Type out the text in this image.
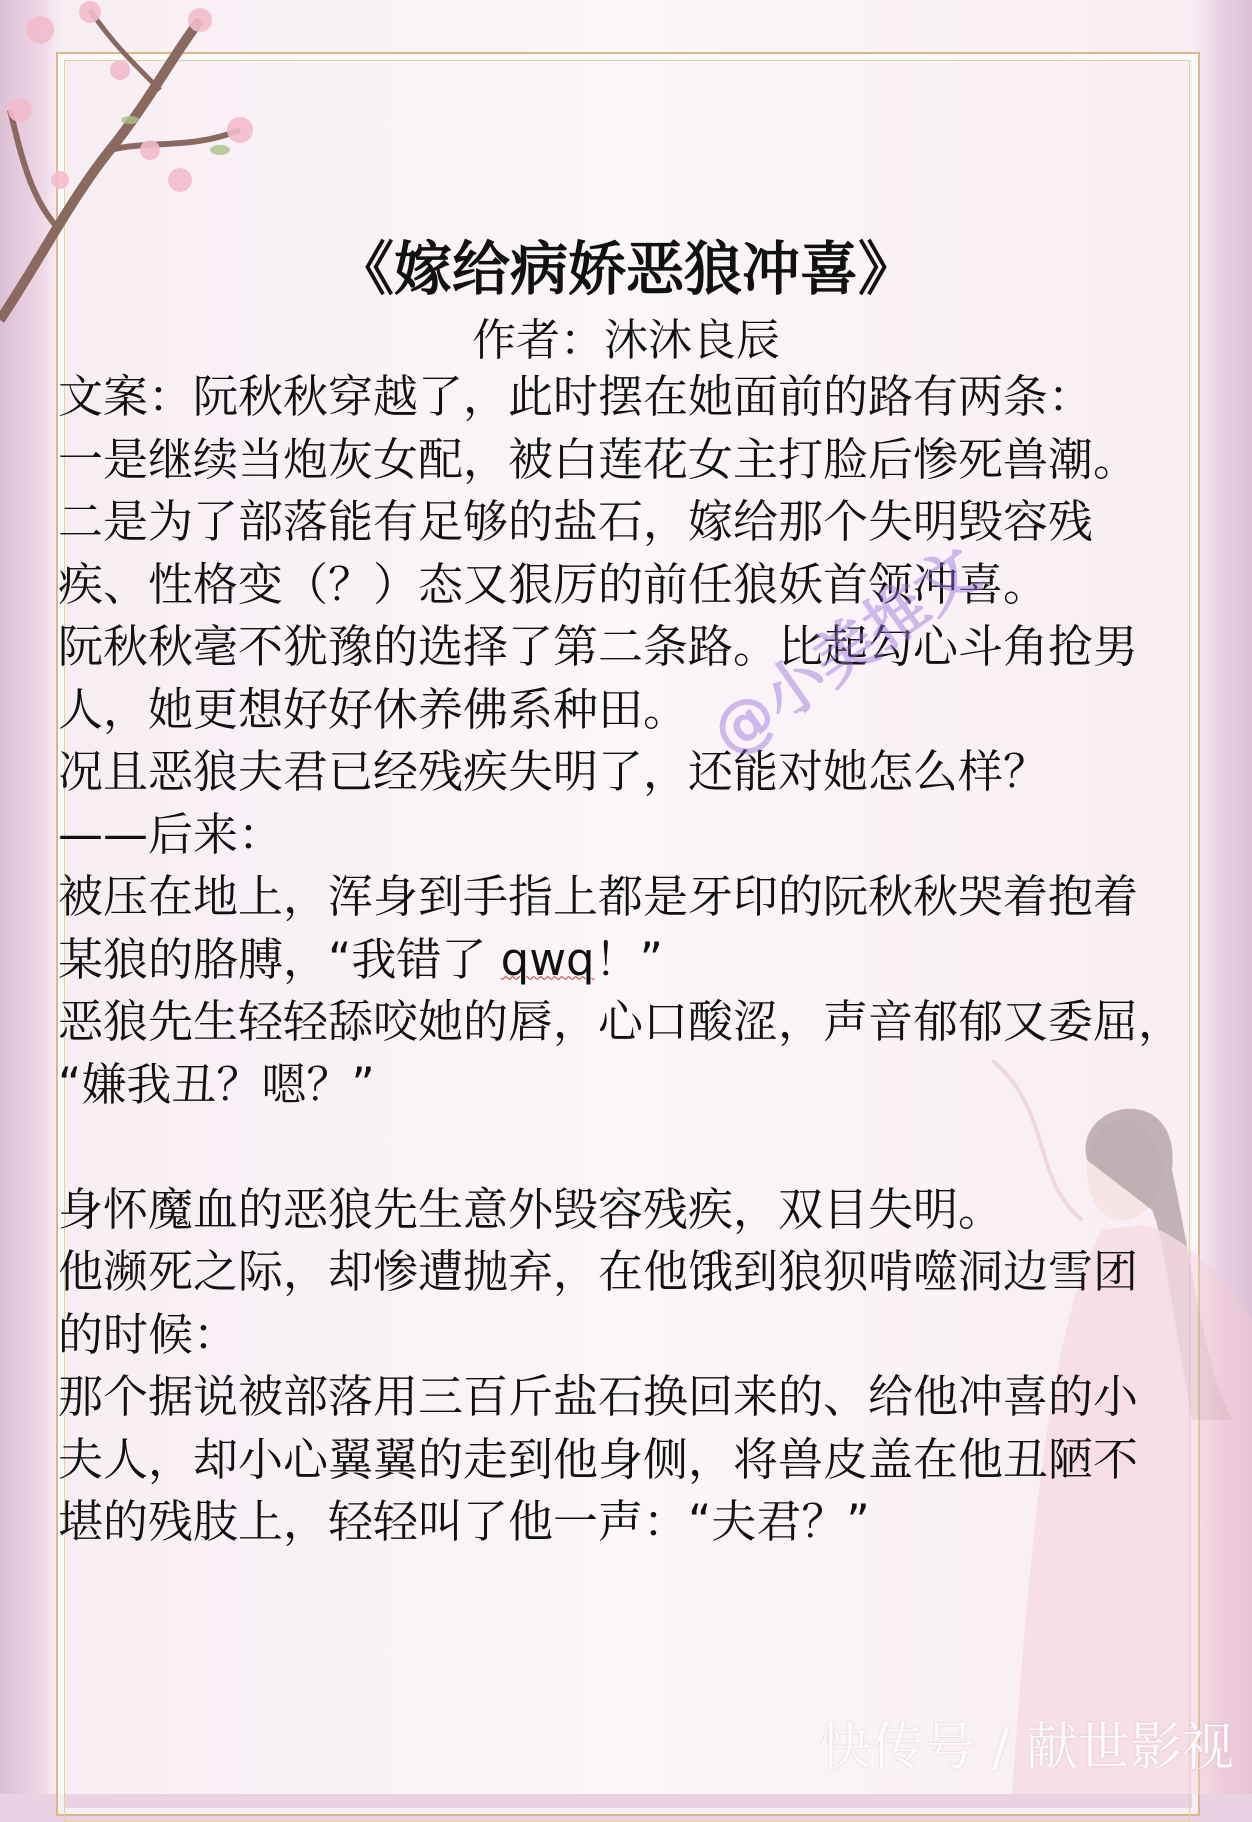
《嫁给病娇恶狼冲喜》
作者：沐沐良辰
文案：阮秋秋穿越了，此时摆在她面前的路有两条：
一是继续当炮灰女配，被白莲花女主打脸后惨死兽潮。
二是为了部落能有足够的盐石，嫁给那个失明毁容残
疾、性格变（？）态又狠厉的前任狼妖首领冲喜。
阮秋秋毫不犹豫的选择了第二条路。比起勾心斗角抢男
人，她更想好好休养佛系种田。
况且恶狼夫君已经残疾失明了，还能对她怎么样？
——后来：
被压在地上，浑身到手指上都是牙印的阮秋秋哭着抱着
某狼的胳膊，“我错了 qwq！”
恶狼先生轻轻舔咬她的唇，心口酸涩，声音郁郁又委屈，
“嫌我丑？嗯？”
身怀魔血的恶狼先生意外毁容残疾，双目失明。
他濒死之际，却惨遭抛弃，在他饿到狼狈啃噬洞边雪团
的时候：
那个据说被部落用三百斤盐石换回来的、给他冲喜的小
夫人，却小心翼翼的走到他身侧，将兽皮盖在他丑陋不
堪的残肢上，轻轻叫了他一声：“夫君？”
@小美推文
快传号 / 献世影视
